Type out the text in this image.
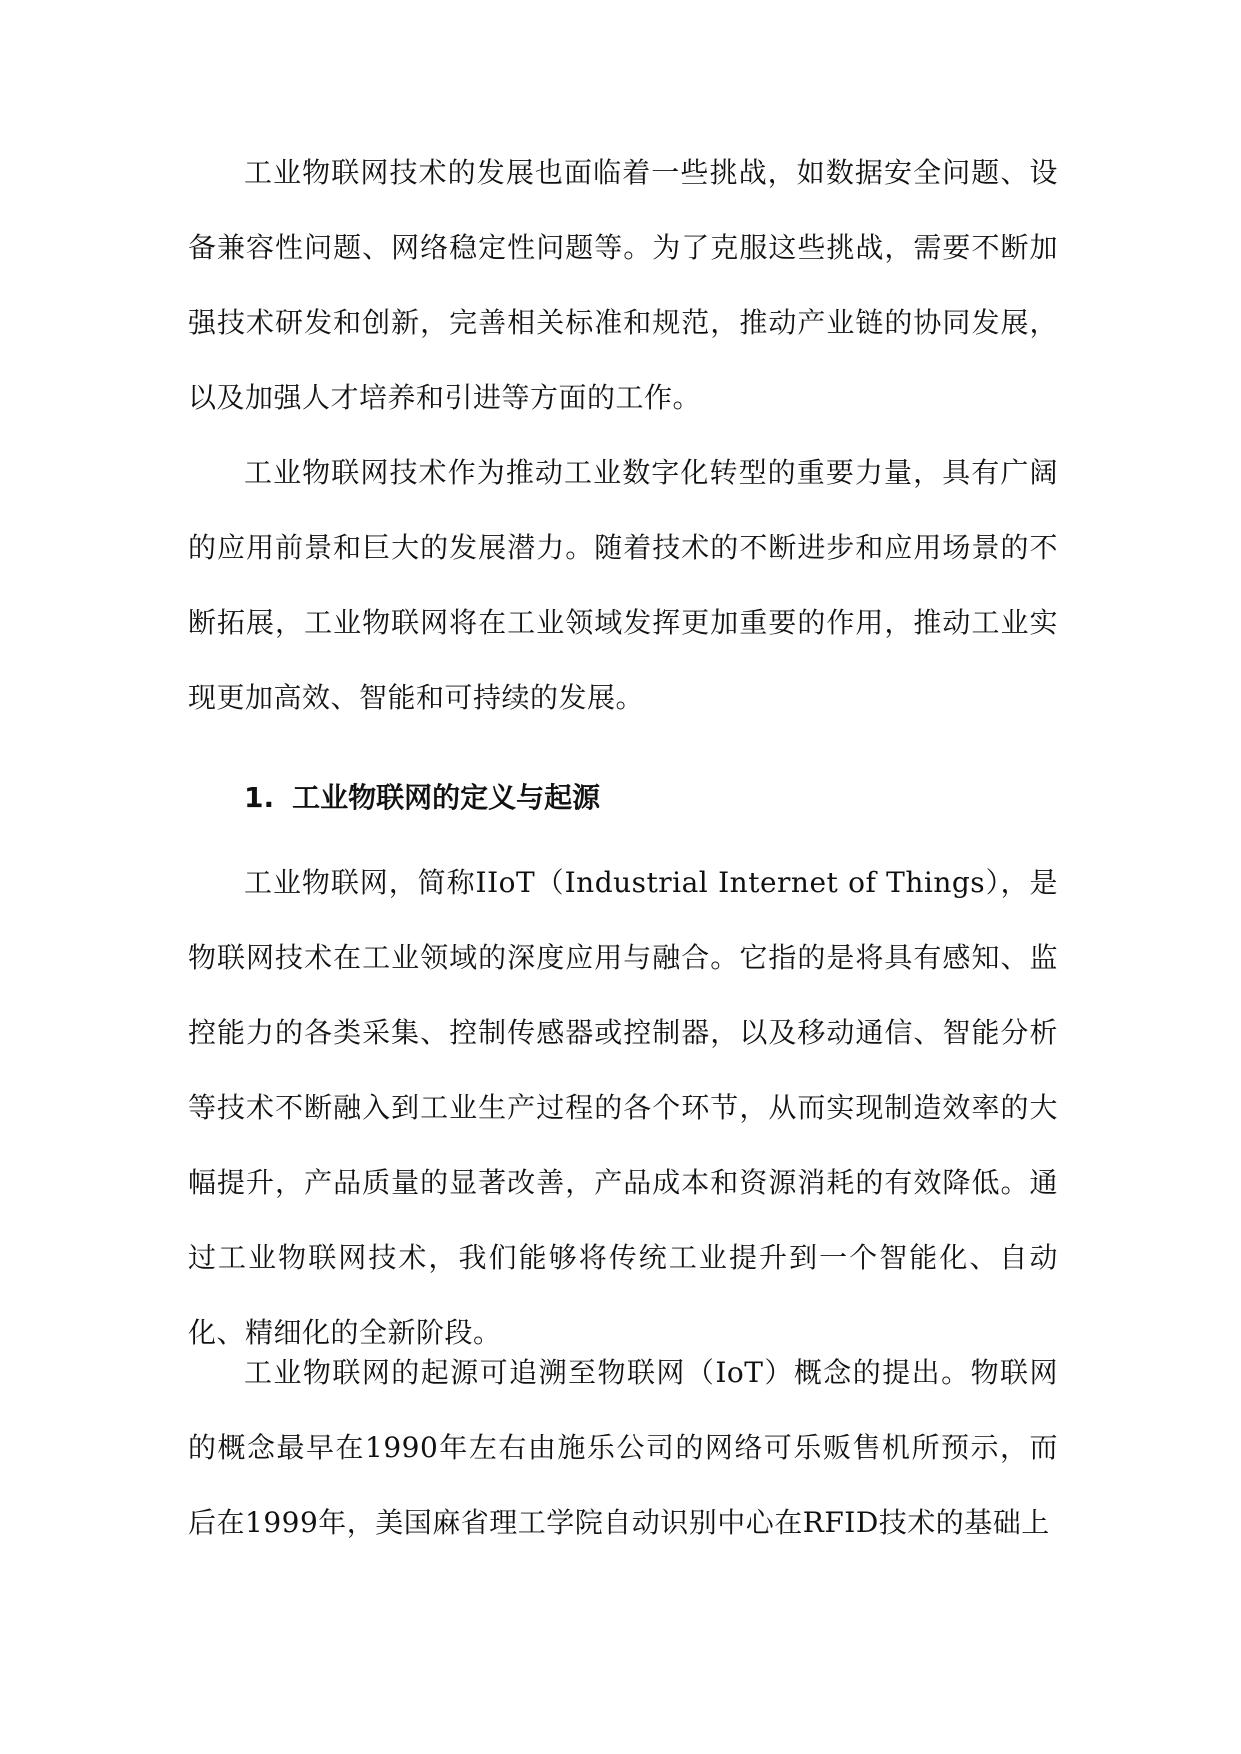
工业物联网技术的发展也面临着一些挑战，如数据安全问题、设备兼容性问题、网络稳定性问题等。为了克服这些挑战，需要不断加强技术研发和创新，完善相关标准和规范，推动产业链的协同发展，以及加强人才培养和引进等方面的工作。

工业物联网技术作为推动工业数字化转型的重要力量，具有广阔的应用前景和巨大的发展潜力。随着技术的不断进步和应用场景的不断拓展，工业物联网将在工业领域发挥更加重要的作用，推动工业实现更加高效、智能和可持续的发展。

1. 工业物联网的定义与起源

工业物联网，简称IIoT（Industrial Internet of Things），是物联网技术在工业领域的深度应用与融合。它指的是将具有感知、监控能力的各类采集、控制传感器或控制器，以及移动通信、智能分析等技术不断融入到工业生产过程的各个环节，从而实现制造效率的大幅提升，产品质量的显著改善，产品成本和资源消耗的有效降低。通过工业物联网技术，我们能够将传统工业提升到一个智能化、自动化、精细化的全新阶段。

工业物联网的起源可追溯至物联网（IoT）概念的提出。物联网的概念最早在1990年左右由施乐公司的网络可乐贩售机所预示，而后在1999年，美国麻省理工学院自动识别中心在RFID技术的基础上
